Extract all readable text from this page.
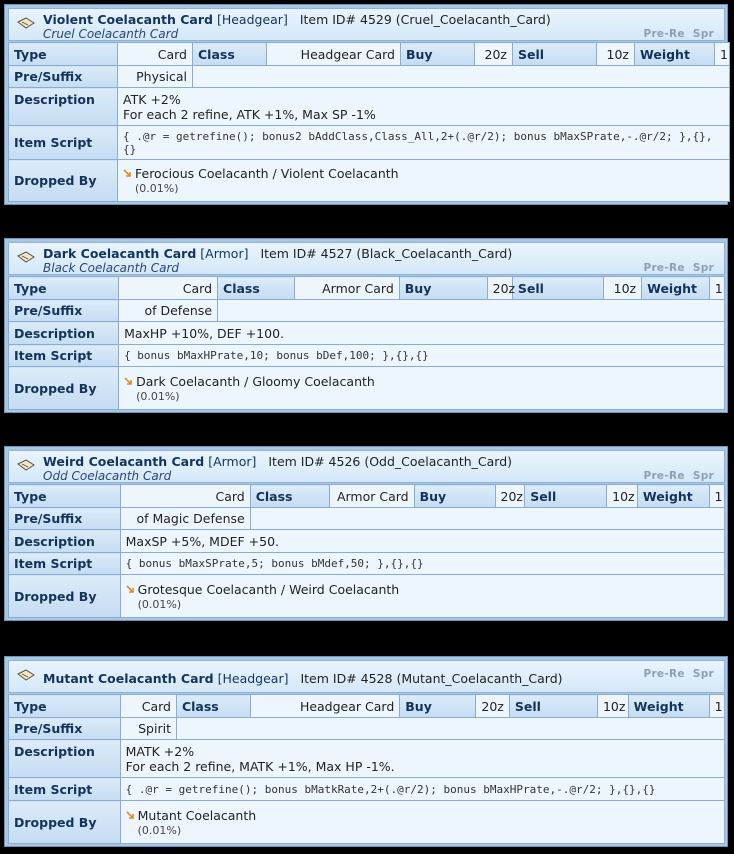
Violent Coelacanth Card [Headgear] Item ID# 4529 (Cruel_Coelacanth_Card)
Cruel Coelacanth Card	Pre-Re Spr
Type	Card	Class	Headgear Card	Buy	20z	Sell	10z	Weight	1
Pre/Suffix	Physical								
Description	ATK +2%
For each 2 refine, ATK +1%, Max SP -1%								

Item Script	{ .@r = getrefine(); bonus2 bAddClass,Class_All,2+(.@r/2); bonus bMaxSPrate,-.@r/2; },{},{}								
Dropped By	Ferocious Coelacanth / Violent Coelacanth
(0.01%)								
Dark Coelacanth Card [Armor] Item ID# 4527 (Black_Coelacanth_Card)
Black Coelacanth Card	Pre-Re Spr
Type	Card	Class	Armor Card	Buy	20z	Sell	10z	Weight	1
Pre/Suffix	of Defense								
Description	MaxHP +10%, DEF +100.								
Item Script	{ bonus bMaxHPrate,10; bonus bDef,100; },{},{}								
Dropped By	Dark Coelacanth / Gloomy Coelacanth
(0.01%)								
Weird Coelacanth Card [Armor] Item ID# 4526 (Odd_Coelacanth_Card)
Odd Coelacanth Card	Pre-Re Spr
Type	Card	Class	Armor Card	Buy	20z	Sell	10z	Weight	1
Pre/Suffix	of Magic Defense								
Description	MaxSP +5%, MDEF +50.								
Item Script	{ bonus bMaxSPrate,5; bonus bMdef,50; },{},{}								
Dropped By	Grotesque Coelacanth / Weird Coelacanth
(0.01%)								
Mutant Coelacanth Card [Headgear] Item ID# 4528 (Mutant_Coelacanth_Card)	Pre-Re Spr
Type	Card	Class	Headgear Card	Buy	20z	Sell	10z	Weight	1
Pre/Suffix	Spirit								
Description	MATK +2%
For each 2 refine, MATK +1%, Max HP -1%.								

Item Script	{ .@r = getrefine(); bonus bMatkRate,2+(.@r/2); bonus bMaxHPrate,-.@r/2; },{},{}								
Dropped By	Mutant Coelacanth
(0.01%)								
